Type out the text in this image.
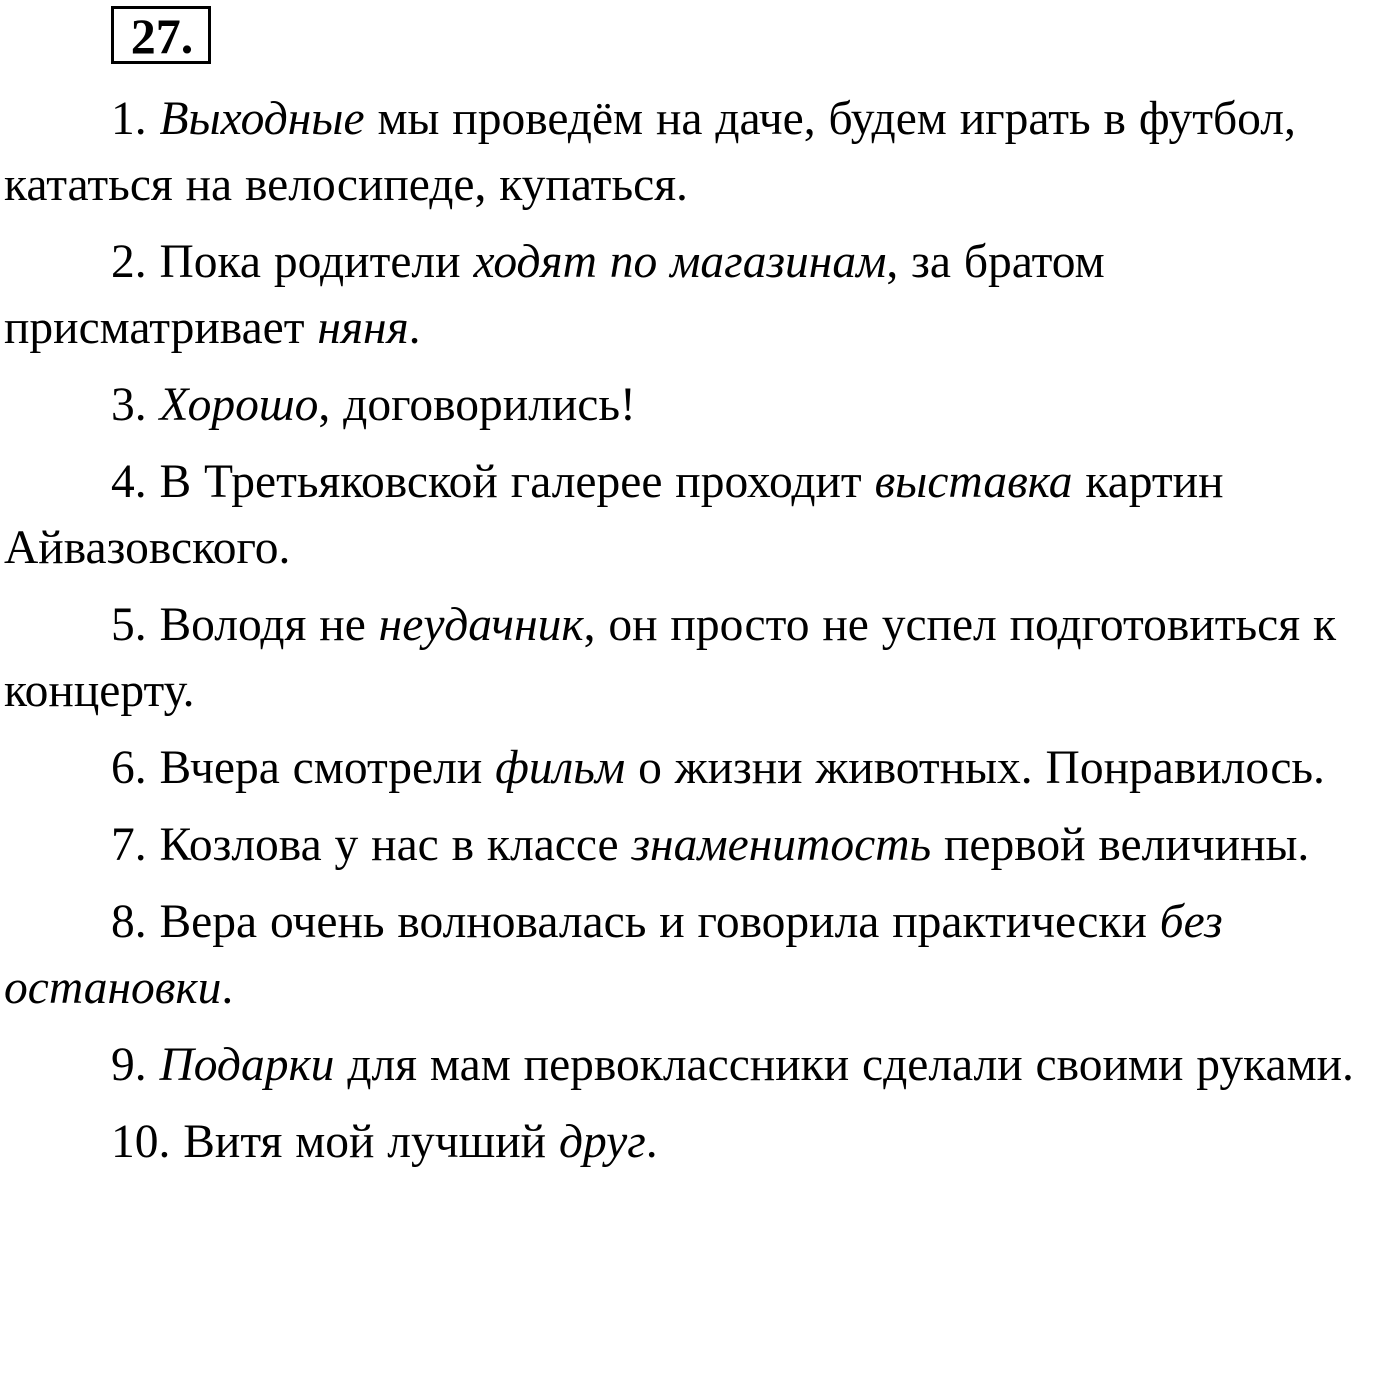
27.

1. Выходные мы проведём на даче, будем играть в футбол, кататься на велосипеде, купаться.

2. Пока родители ходят по магазинам, за братом присматривает няня.

3. Хорошо, договорились!

4. В Третьяковской галерее проходит выставка картин Айвазовского.

5. Володя не неудачник, он просто не успел подготовиться к концерту.

6. Вчера смотрели фильм о жизни животных. Понравилось.

7. Козлова у нас в классе знаменитость первой величины.

8. Вера очень волновалась и говорила практически без остановки.

9. Подарки для мам первоклассники сделали своими руками.

10. Витя мой лучший друг.
